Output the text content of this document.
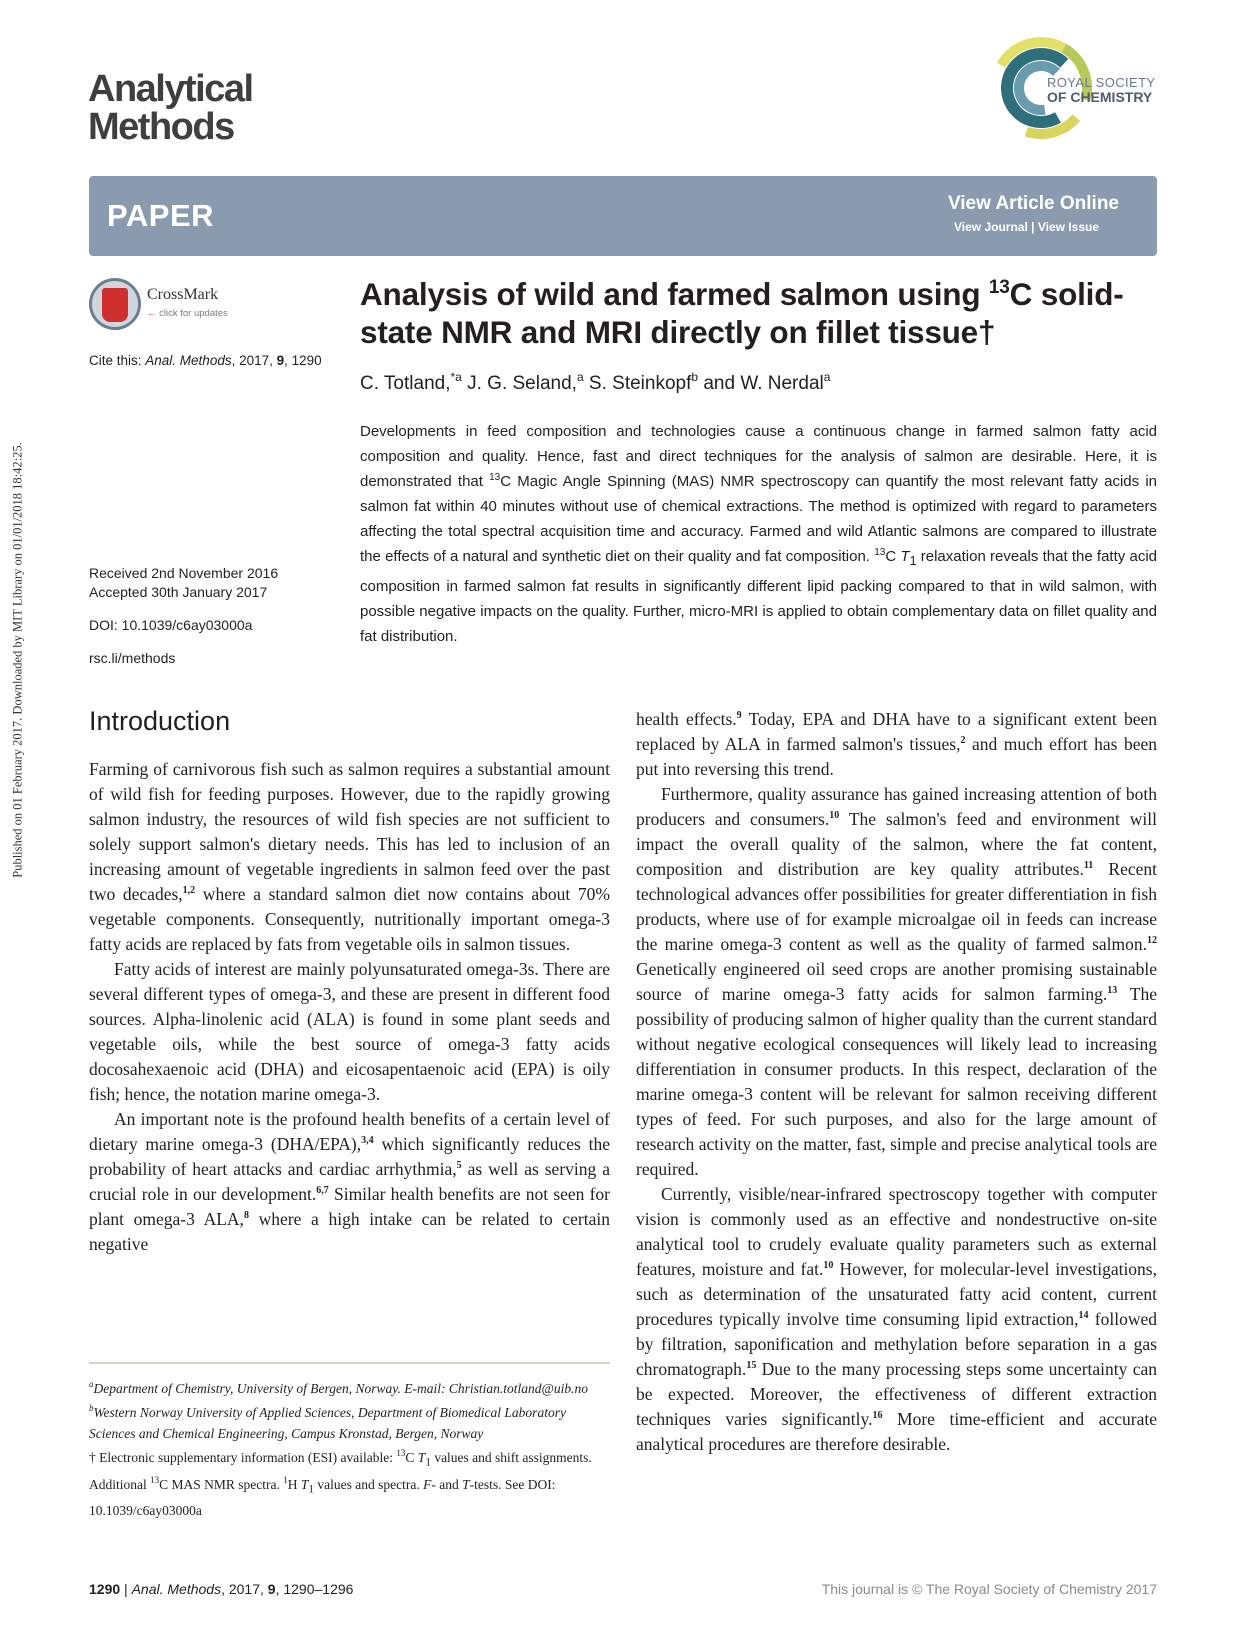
Published on 01 February 2017. Downloaded by MIT Library on 01/01/2018 18:42:25.
Analytical
Methods
ROYAL SOCIETY
OF CHEMISTRY
PAPER	View Article Online
View Journal | View Issue
CrossMark
← click for updates
Cite this: Anal. Methods, 2017, 9, 1290
Analysis of wild and farmed salmon using $^{13}$C solid-state NMR and MRI directly on fillet tissue†
C. Totland,$^{*a}$ J. G. Seland,$^a$ S. Steinkopf$^b$ and W. Nerdal$^a$
Developments in feed composition and technologies cause a continuous change in farmed salmon fatty acid composition and quality. Hence, fast and direct techniques for the analysis of salmon are desirable. Here, it is demonstrated that $^{13}$C Magic Angle Spinning (MAS) NMR spectroscopy can quantify the most relevant fatty acids in salmon fat within 40 minutes without use of chemical extractions. The method is optimized with regard to parameters affecting the total spectral acquisition time and accuracy. Farmed and wild Atlantic salmons are compared to illustrate the effects of a natural and synthetic diet on their quality and fat composition. $^{13}$C $T_1$ relaxation reveals that the fatty acid composition in farmed salmon fat results in significantly different lipid packing compared to that in wild salmon, with possible negative impacts on the quality. Further, micro-MRI is applied to obtain complementary data on fillet quality and fat distribution.
Received 2nd November 2016
Accepted 30th January 2017
DOI: 10.1039/c6ay03000a
rsc.li/methods
Introduction

Farming of carnivorous fish such as salmon requires a substantial amount of wild fish for feeding purposes. However, due to the rapidly growing salmon industry, the resources of wild fish species are not sufficient to solely support salmon's dietary needs. This has led to inclusion of an increasing amount of vegetable ingredients in salmon feed over the past two decades,$^{1,2}$ where a standard salmon diet now contains about 70% vegetable components. Consequently, nutritionally important omega-3 fatty acids are replaced by fats from vegetable oils in salmon tissues.

Fatty acids of interest are mainly polyunsaturated omega-3s. There are several different types of omega-3, and these are present in different food sources. Alpha-linolenic acid (ALA) is found in some plant seeds and vegetable oils, while the best source of omega-3 fatty acids docosahexaenoic acid (DHA) and eicosapentaenoic acid (EPA) is oily fish; hence, the notation marine omega-3.

An important note is the profound health benefits of a certain level of dietary marine omega-3 (DHA/EPA),$^{3,4}$ which significantly reduces the probability of heart attacks and cardiac arrhythmia,$^5$ as well as serving a crucial role in our development.$^{6,7}$ Similar health benefits are not seen for plant omega-3 ALA,$^8$ where a high intake can be related to certain negative

health effects.$^9$ Today, EPA and DHA have to a significant extent been replaced by ALA in farmed salmon's tissues,$^2$ and much effort has been put into reversing this trend.

Furthermore, quality assurance has gained increasing attention of both producers and consumers.$^{10}$ The salmon's feed and environment will impact the overall quality of the salmon, where the fat content, composition and distribution are key quality attributes.$^{11}$ Recent technological advances offer possibilities for greater differentiation in fish products, where use of for example microalgae oil in feeds can increase the marine omega-3 content as well as the quality of farmed salmon.$^{12}$ Genetically engineered oil seed crops are another promising sustainable source of marine omega-3 fatty acids for salmon farming.$^{13}$ The possibility of producing salmon of higher quality than the current standard without negative ecological consequences will likely lead to increasing differentiation in consumer products. In this respect, declaration of the marine omega-3 content will be relevant for salmon receiving different types of feed. For such purposes, and also for the large amount of research activity on the matter, fast, simple and precise analytical tools are required.

Currently, visible/near-infrared spectroscopy together with computer vision is commonly used as an effective and nondestructive on-site analytical tool to crudely evaluate quality parameters such as external features, moisture and fat.$^{10}$ However, for molecular-level investigations, such as determination of the unsaturated fatty acid content, current procedures typically involve time consuming lipid extraction,$^{14}$ followed by filtration, saponification and methylation before separation in a gas chromatograph.$^{15}$ Due to the many processing steps some uncertainty can be expected. Moreover, the effectiveness of different extraction techniques varies significantly.$^{16}$ More time-efficient and accurate analytical procedures are therefore desirable.

$^a$Department of Chemistry, University of Bergen, Norway. E-mail: Christian.totland@uib.no
$^b$Western Norway University of Applied Sciences, Department of Biomedical Laboratory Sciences and Chemical Engineering, Campus Kronstad, Bergen, Norway
† Electronic supplementary information (ESI) available: $^{13}$C $T_1$ values and shift assignments. Additional $^{13}$C MAS NMR spectra. $^1$H $T_1$ values and spectra. F- and T-tests. See DOI: 10.1039/c6ay03000a
1290 | Anal. Methods, 2017, 9, 1290–1296	This journal is © The Royal Society of Chemistry 2017
